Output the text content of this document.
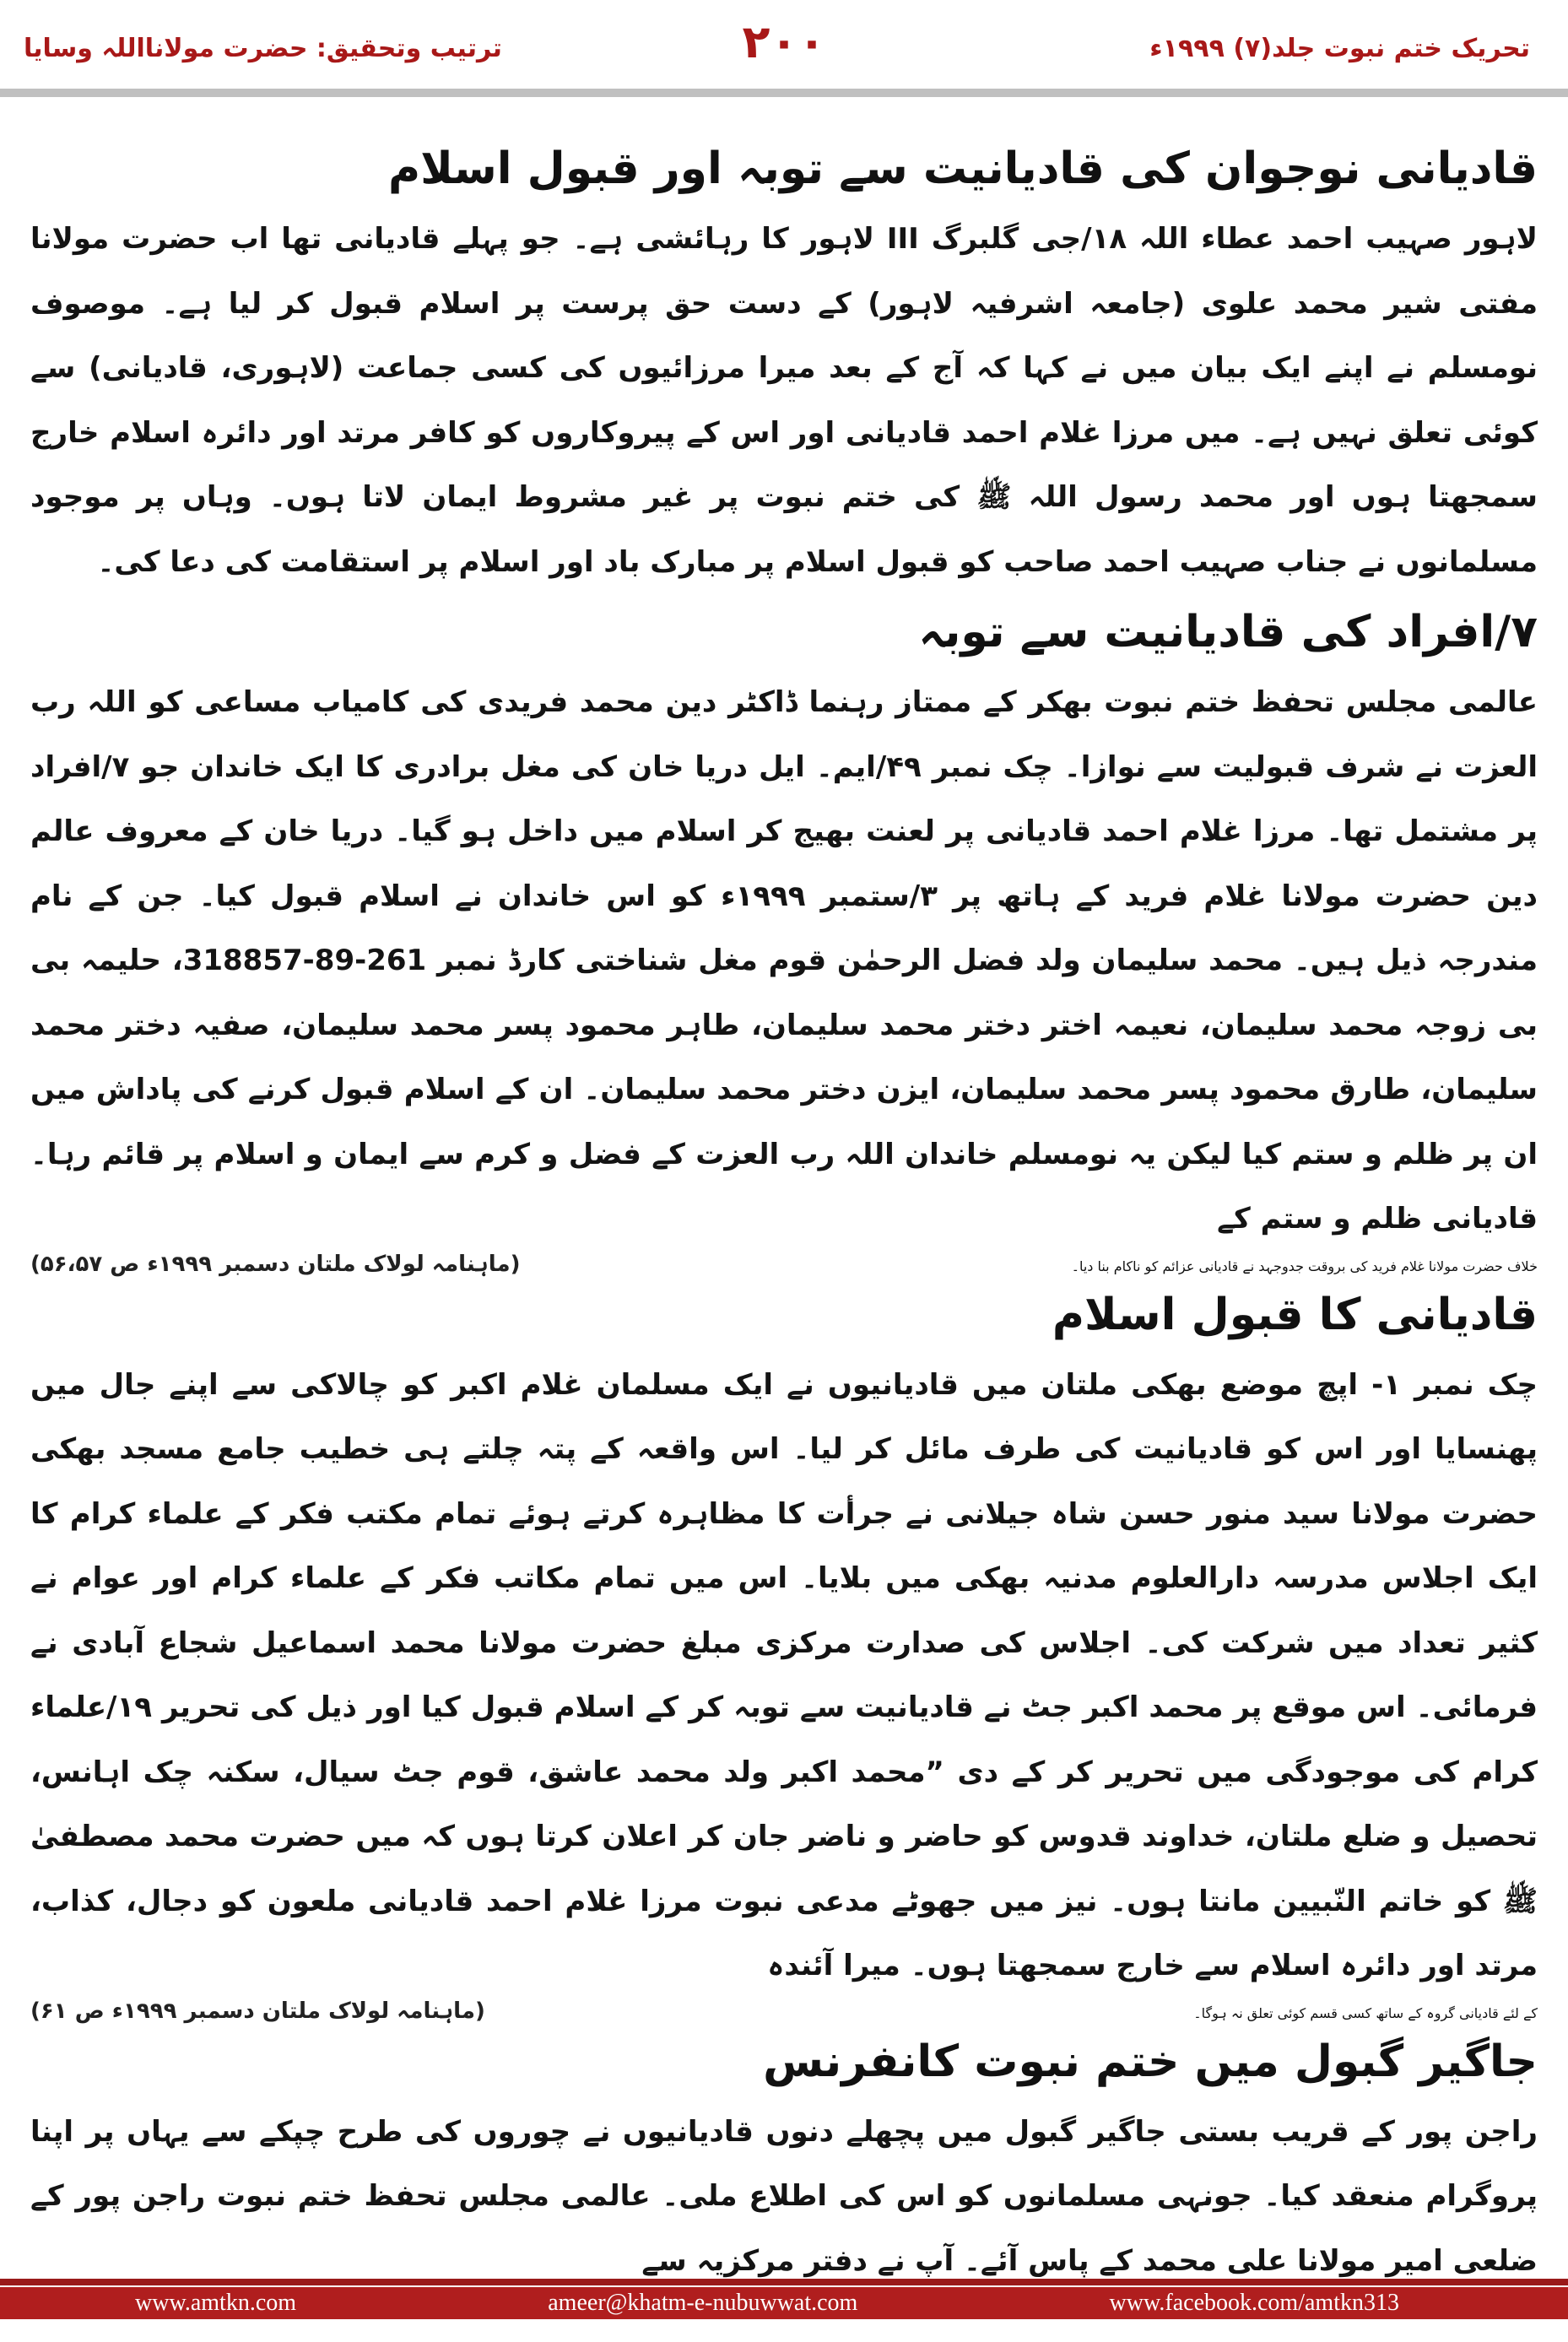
تحریک ختم نبوت جلد(۷) ۱۹۹۹ء
۲۰۰
ترتیب وتحقیق: حضرت مولانااللہ وسایا
قادیانی نوجوان کی قادیانیت سے توبہ اور قبول اسلام

لاہور صہیب احمد عطاء اللہ ۱۸/جی گلبرگ III لاہور کا رہائشی ہے۔ جو پہلے قادیانی تھا اب حضرت مولانا مفتی شیر محمد علوی (جامعہ اشرفیہ لاہور) کے دست حق پرست پر اسلام قبول کر لیا ہے۔ موصوف نومسلم نے اپنے ایک بیان میں نے کہا کہ آج کے بعد میرا مرزائیوں کی کسی جماعت (لاہوری، قادیانی) سے کوئی تعلق نہیں ہے۔ میں مرزا غلام احمد قادیانی اور اس کے پیروکاروں کو کافر مرتد اور دائرہ اسلام خارج سمجھتا ہوں اور محمد رسول اللہ ﷺ کی ختم نبوت پر غیر مشروط ایمان لاتا ہوں۔ وہاں پر موجود مسلمانوں نے جناب صہیب احمد صاحب کو قبول اسلام پر مبارک باد اور اسلام پر استقامت کی دعا کی۔

۷/افراد کی قادیانیت سے توبہ

عالمی مجلس تحفظ ختم نبوت بھکر کے ممتاز رہنما ڈاکٹر دین محمد فریدی کی کامیاب مساعی کو اللہ رب العزت نے شرف قبولیت سے نوازا۔ چک نمبر ۴۹/ایم۔ ایل دریا خان کی مغل برادری کا ایک خاندان جو ۷/افراد پر مشتمل تھا۔ مرزا غلام احمد قادیانی پر لعنت بھیج کر اسلام میں داخل ہو گیا۔ دریا خان کے معروف عالم دین حضرت مولانا غلام فرید کے ہاتھ پر ۳/ستمبر ۱۹۹۹ء کو اس خاندان نے اسلام قبول کیا۔ جن کے نام مندرجہ ذیل ہیں۔ محمد سلیمان ولد فضل الرحمٰن قوم مغل شناختی کارڈ نمبر 261-89-318857، حلیمہ بی بی زوجہ محمد سلیمان، نعیمہ اختر دختر محمد سلیمان، طاہر محمود پسر محمد سلیمان، صفیہ دختر محمد سلیمان، طارق محمود پسر محمد سلیمان، ایزن دختر محمد سلیمان۔ ان کے اسلام قبول کرنے کی پاداش میں ان پر ظلم و ستم کیا لیکن یہ نومسلم خاندان اللہ رب العزت کے فضل و کرم سے ایمان و اسلام پر قائم رہا۔ قادیانی ظلم و ستم کے

خلاف حضرت مولانا غلام فرید کی بروقت جدوجہد نے قادیانی عزائم کو ناکام بنا دیا۔
(ماہنامہ لولاک ملتان دسمبر ۱۹۹۹ء ص ۵۶،۵۷)
قادیانی کا قبول اسلام

چک نمبر ۱- اپچ موضع بھکی ملتان میں قادیانیوں نے ایک مسلمان غلام اکبر کو چالاکی سے اپنے جال میں پھنسایا اور اس کو قادیانیت کی طرف مائل کر لیا۔ اس واقعہ کے پتہ چلتے ہی خطیب جامع مسجد بھکی حضرت مولانا سید منور حسن شاہ جیلانی نے جرأت کا مظاہرہ کرتے ہوئے تمام مکتب فکر کے علماء کرام کا ایک اجلاس مدرسہ دارالعلوم مدنیہ بھکی میں بلایا۔ اس میں تمام مکاتب فکر کے علماء کرام اور عوام نے کثیر تعداد میں شرکت کی۔ اجلاس کی صدارت مرکزی مبلغ حضرت مولانا محمد اسماعیل شجاع آبادی نے فرمائی۔ اس موقع پر محمد اکبر جٹ نے قادیانیت سے توبہ کر کے اسلام قبول کیا اور ذیل کی تحریر ۱۹/علماء کرام کی موجودگی میں تحریر کر کے دی ”محمد اکبر ولد محمد عاشق، قوم جٹ سیال، سکنہ چک اہانس، تحصیل و ضلع ملتان، خداوند قدوس کو حاضر و ناضر جان کر اعلان کرتا ہوں کہ میں حضرت محمد مصطفیٰ ﷺ کو خاتم النّبیین مانتا ہوں۔ نیز میں جھوٹے مدعی نبوت مرزا غلام احمد قادیانی ملعون کو دجال، کذاب، مرتد اور دائرہ اسلام سے خارج سمجھتا ہوں۔ میرا آئندہ

کے لئے قادیانی گروہ کے ساتھ کسی قسم کوئی تعلق نہ ہوگا۔
(ماہنامہ لولاک ملتان دسمبر ۱۹۹۹ء ص ۶۱)
جاگیر گبول میں ختم نبوت کانفرنس

راجن پور کے قریب بستی جاگیر گبول میں پچھلے دنوں قادیانیوں نے چوروں کی طرح چپکے سے یہاں پر اپنا پروگرام منعقد کیا۔ جونہی مسلمانوں کو اس کی اطلاع ملی۔ عالمی مجلس تحفظ ختم نبوت راجن پور کے ضلعی امیر مولانا علی محمد کے پاس آئے۔ آپ نے دفتر مرکزیہ سے

www.amtkn.com	ameer@khatm-e-nubuwwat.com	www.facebook.com/amtkn313
